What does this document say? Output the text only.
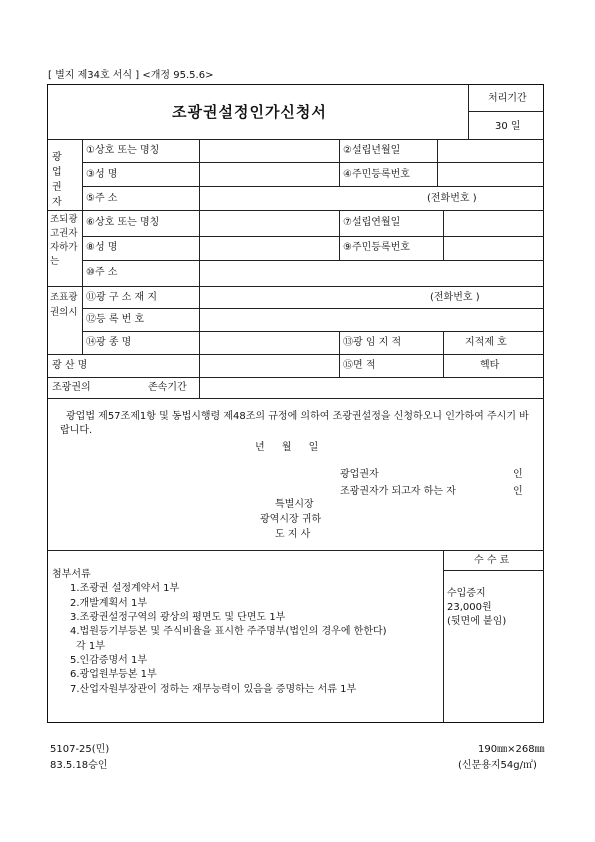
[ 별지 제34호 서식 ] <개정 95.5.6>
조광권설정인가신청서
처리기간
30 일
광업권자
①상호 또는 명칭	②설립년월일
③성 명	④주민등록번호
⑤주 소	(전화번호 )
조되광고권자자하가는
⑥상호 또는 명칭	⑦설립연월일
⑧성 명	⑨주민등록번호
⑩주 소
조표광권의시
⑪광 구 소 재 지	(전화번호 )
⑫등 록 번 호
⑭광 종 명	⑬광 임 지 적	지적제 호
광 산 명	⑮면 적	헥타
조광권의	존속기간
광업법 제57조제1항 및 동법시행령 제48조의 규정에 의하여 조광권설정을 신청하오니 인가하여 주시기 바랍니다.
년 월 일
광업권자	인
조광권자가 되고자 하는 자	인
특별시장
광역시장 귀하
도 지 사
수 수 료
수입증지
23,000원
(뒷면에 붙임)
첨부서류
1.조광권 설정계약서 1부
2.개발계획서 1부
3.조광권설정구역의 광상의 평면도 및 단면도 1부
4.법원등기부등본 및 주식비율을 표시한 주주명부(법인의 경우에 한한다)
각 1부
5.인감증명서 1부
6.광업원부등본 1부
7.산업자원부장관이 정하는 재무능력이 있음을 증명하는 서류 1부
5107-25(민)
83.5.18승인
190㎜×268㎜
(신문용지54g/㎡)
